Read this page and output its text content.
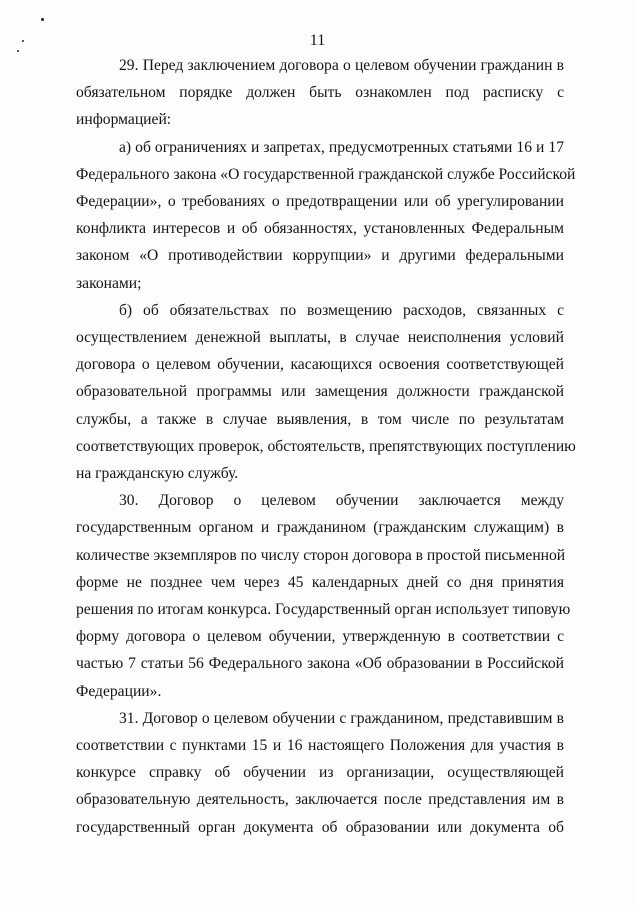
11

29. Перед заключением договора о целевом обучении гражданин в
обязательном порядке должен быть ознакомлен под расписку с
информацией:

а) об ограничениях и запретах, предусмотренных статьями 16 и 17
Федерального закона «О государственной гражданской службе Российской
Федерации», о требованиях о предотвращении или об урегулировании
конфликта интересов и об обязанностях, установленных Федеральным
законом «О противодействии коррупции» и другими федеральными
законами;

б) об обязательствах по возмещению расходов, связанных с
осуществлением денежной выплаты, в случае неисполнения условий
договора о целевом обучении, касающихся освоения соответствующей
образовательной программы или замещения должности гражданской
службы, а также в случае выявления, в том числе по результатам
соответствующих проверок, обстоятельств, препятствующих поступлению
на гражданскую службу.

30. Договор о целевом обучении заключается между
государственным органом и гражданином (гражданским служащим) в
количестве экземпляров по числу сторон договора в простой письменной
форме не позднее чем через 45 календарных дней со дня принятия
решения по итогам конкурса. Государственный орган использует типовую
форму договора о целевом обучении, утвержденную в соответствии с
частью 7 статьи 56 Федерального закона «Об образовании в Российской
Федерации».

31. Договор о целевом обучении с гражданином, представившим в
соответствии с пунктами 15 и 16 настоящего Положения для участия в
конкурсе справку об обучении из организации, осуществляющей
образовательную деятельность, заключается после представления им в
государственный орган документа об образовании или документа об
